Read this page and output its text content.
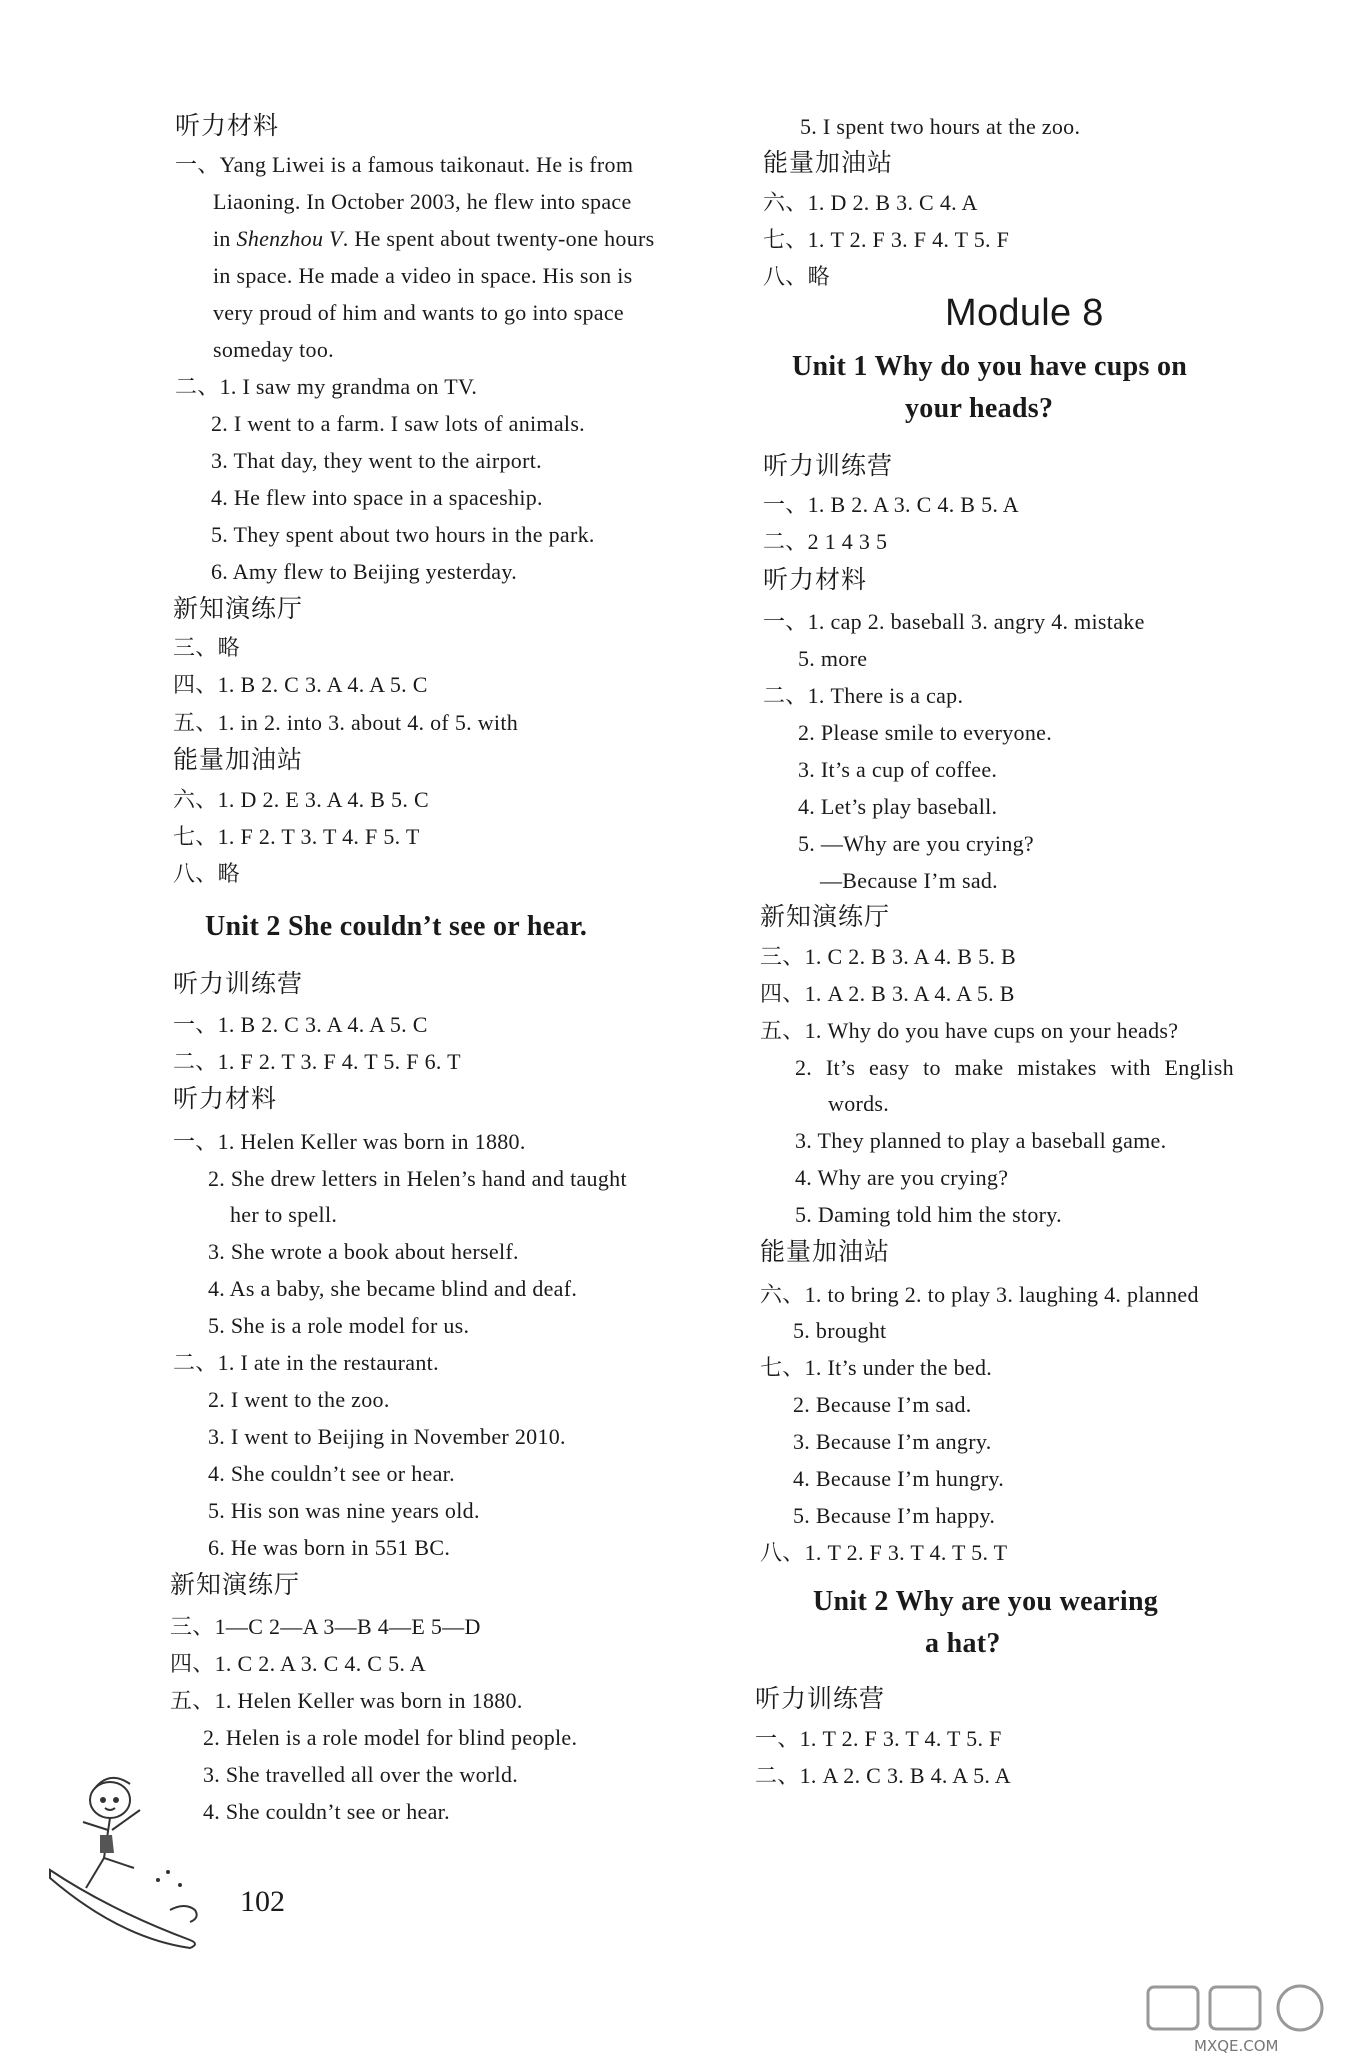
听力材料
一、Yang Liwei is a famous taikonaut. He is from
Liaoning. In October 2003, he flew into space
in Shenzhou V. He spent about twenty-one hours
in space. He made a video in space. His son is
very proud of him and wants to go into space
someday too.
二、1. I saw my grandma on TV.
2. I went to a farm. I saw lots of animals.
3. That day, they went to the airport.
4. He flew into space in a spaceship.
5. They spent about two hours in the park.
6. Amy flew to Beijing yesterday.
新知演练厅
三、略
四、1. B 2. C 3. A 4. A 5. C
五、1. in 2. into 3. about 4. of 5. with
能量加油站
六、1. D 2. E 3. A 4. B 5. C
七、1. F 2. T 3. T 4. F 5. T
八、略
Unit 2 She couldn’t see or hear.
听力训练营
一、1. B 2. C 3. A 4. A 5. C
二、1. F 2. T 3. F 4. T 5. F 6. T
听力材料
一、1. Helen Keller was born in 1880.
2. She drew letters in Helen’s hand and taught
her to spell.
3. She wrote a book about herself.
4. As a baby, she became blind and deaf.
5. She is a role model for us.
二、1. I ate in the restaurant.
2. I went to the zoo.
3. I went to Beijing in November 2010.
4. She couldn’t see or hear.
5. His son was nine years old.
6. He was born in 551 BC.
新知演练厅
三、1—C 2—A 3—B 4—E 5—D
四、1. C 2. A 3. C 4. C 5. A
五、1. Helen Keller was born in 1880.
2. Helen is a role model for blind people.
3. She travelled all over the world.
4. She couldn’t see or hear.
5. I spent two hours at the zoo.
能量加油站
六、1. D 2. B 3. C 4. A
七、1. T 2. F 3. F 4. T 5. F
八、略
Module 8
Unit 1 Why do you have cups on
your heads?
听力训练营
一、1. B 2. A 3. C 4. B 5. A
二、2 1 4 3 5
听力材料
一、1. cap 2. baseball 3. angry 4. mistake
5. more
二、1. There is a cap.
2. Please smile to everyone.
3. It’s a cup of coffee.
4. Let’s play baseball.
5. —Why are you crying?
—Because I’m sad.
新知演练厅
三、1. C 2. B 3. A 4. B 5. B
四、1. A 2. B 3. A 4. A 5. B
五、1. Why do you have cups on your heads?
2. It’s easy to make mistakes with English
words.
3. They planned to play a baseball game.
4. Why are you crying?
5. Daming told him the story.
能量加油站
六、1. to bring 2. to play 3. laughing 4. planned
5. brought
七、1. It’s under the bed.
2. Because I’m sad.
3. Because I’m angry.
4. Because I’m hungry.
5. Because I’m happy.
八、1. T 2. F 3. T 4. T 5. T
Unit 2 Why are you wearing
a hat?
听力训练营
一、1. T 2. F 3. T 4. T 5. F
二、1. A 2. C 3. B 4. A 5. A
102
MXQE.COM
